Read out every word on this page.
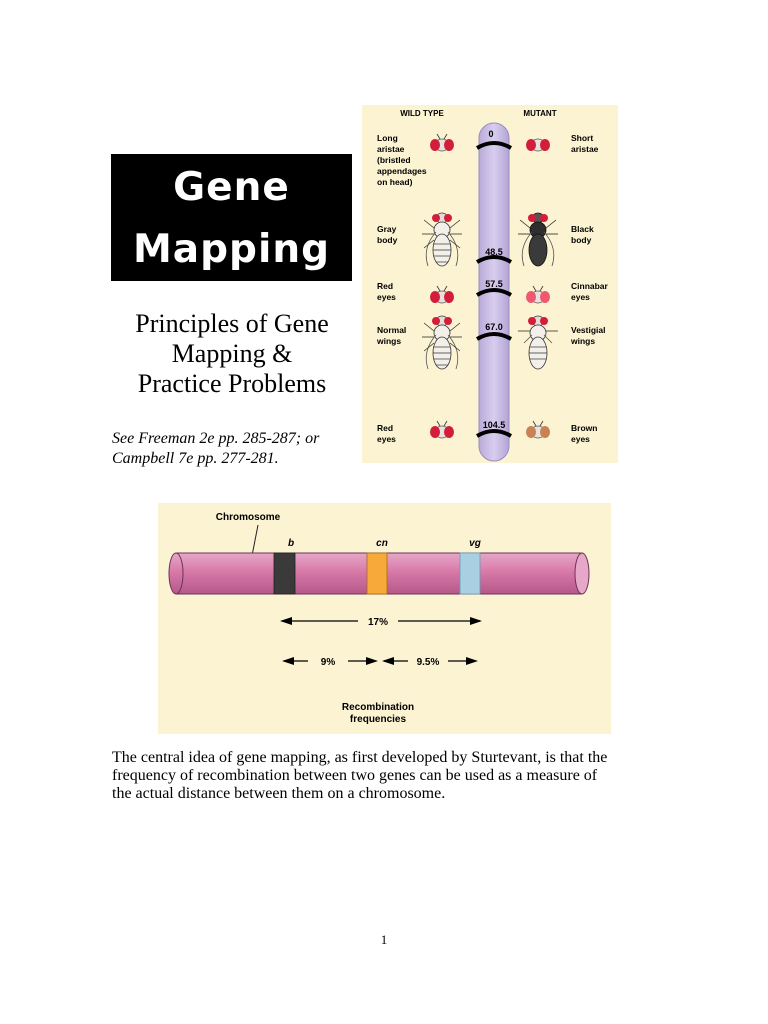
Gene
Mapping
Principles of Gene
Mapping &
Practice Problems
See Freeman 2e pp. 285-287; or
Campbell 7e pp. 277-281.
WILD TYPE	MUTANT
0
48.5
57.5
67.0
104.5
Long
aristae
(bristled
appendages
on head)
Gray
body
Red
eyes
Normal
wings
Red
eyes
Short
aristae
Black
body
Cinnabar
eyes
Vestigial
wings
Brown
eyes
Chromosome
b	cn	vg
17%
9%	9.5%
Recombination
frequencies
The central idea of gene mapping, as first developed by Sturtevant, is that the
frequency of recombination between two genes can be used as a measure of
the actual distance between them on a chromosome.
1
